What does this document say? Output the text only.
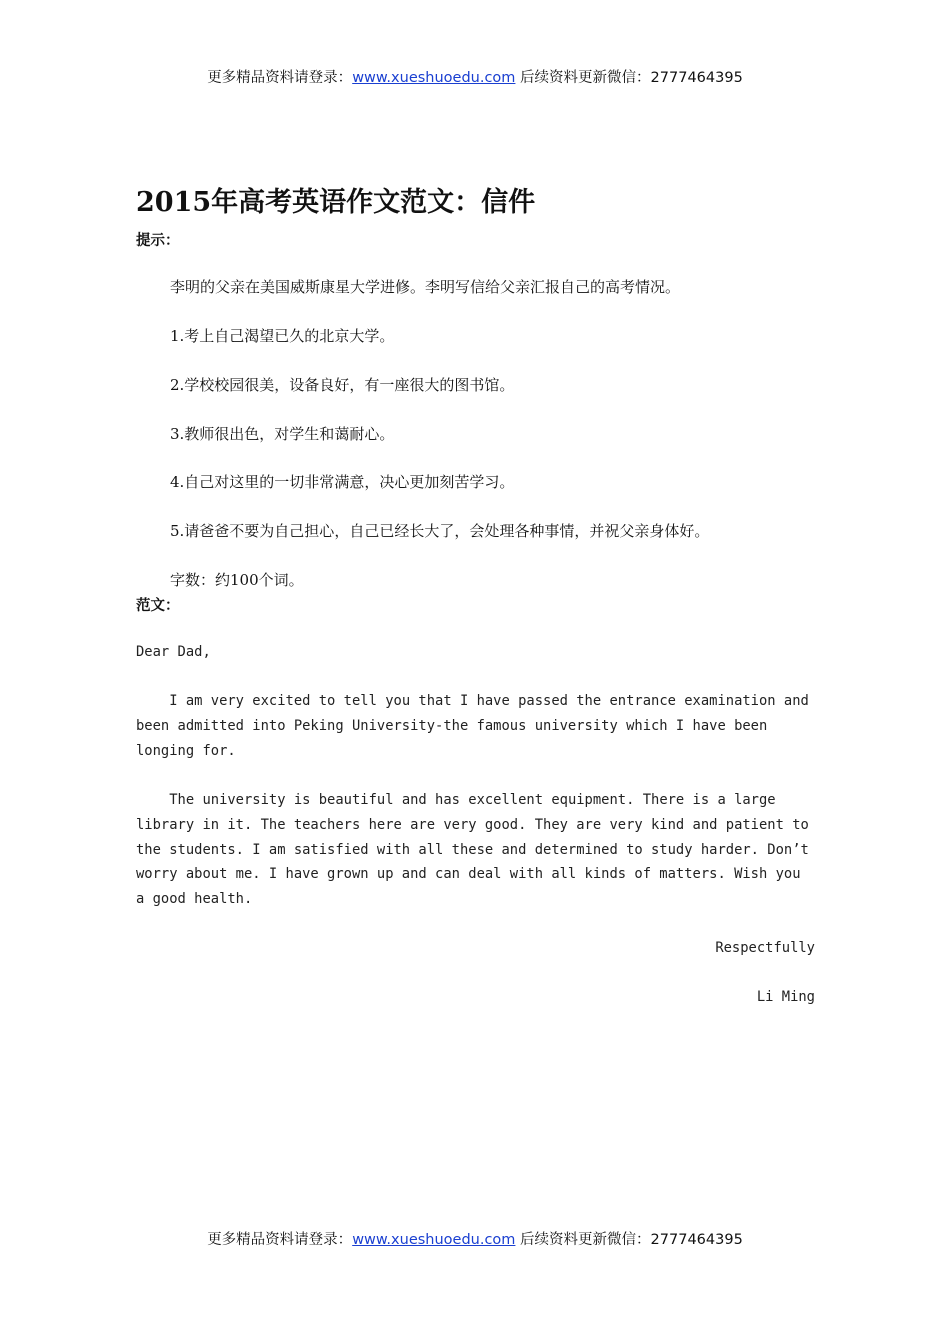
更多精品资料请登录：www.xueshuoedu.com 后续资料更新微信：2777464395
2015年高考英语作文范文：信件
提示：
李明的父亲在美国威斯康星大学进修。李明写信给父亲汇报自己的高考情况。
1.考上自己渴望已久的北京大学。
2.学校校园很美，设备良好，有一座很大的图书馆。
3.教师很出色，对学生和蔼耐心。
4.自己对这里的一切非常满意，决心更加刻苦学习。
5.请爸爸不要为自己担心，自己已经长大了，会处理各种事情，并祝父亲身体好。
字数：约100个词。
范文：
Dear Dad,
I am very excited to tell you that I have passed the entrance examination and been admitted into Peking University-the famous university which I have been longing for.
The university is beautiful and has excellent equipment. There is a large library in it. The teachers here are very good. They are very kind and patient to the students. I am satisfied with all these and determined to study harder. Don’t worry about me. I have grown up and can deal with all kinds of matters. Wish you a good health.
Respectfully
Li Ming
更多精品资料请登录：www.xueshuoedu.com 后续资料更新微信：2777464395
